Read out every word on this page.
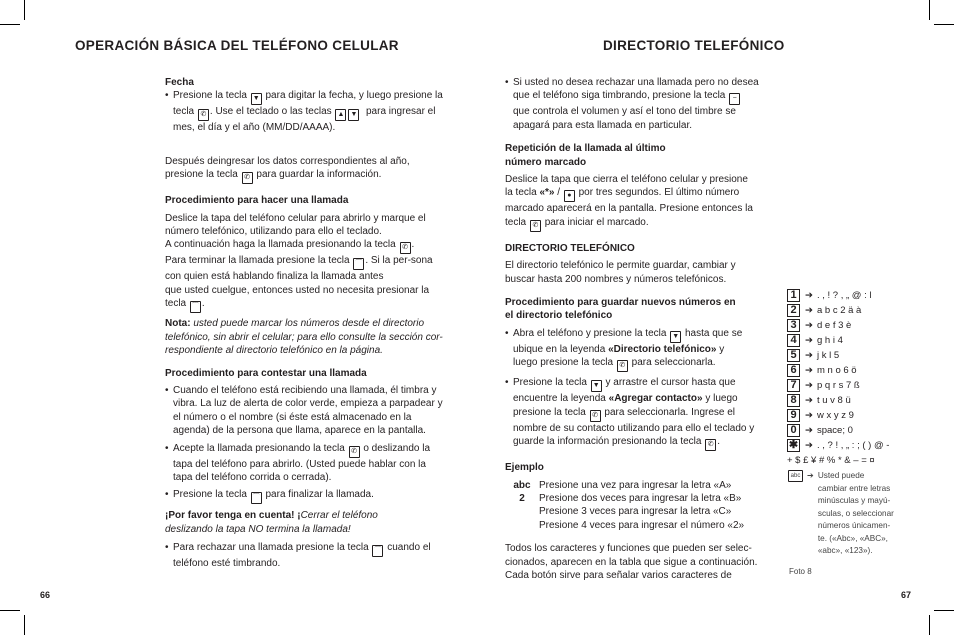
OPERACIÓN BÁSICA DEL TELÉFONO CELULAR	DIRECTORIO TELEFÓNICO

Fecha

• Presione la tecla ▼ para digitar la fecha, y luego presione la
tecla ✆ . Use el teclado o las teclas ▲ ▼ para ingresar el
mes, el día y el año (MM/DD/AAAA).

Después deingresar los datos correspondientes al año,
presione la tecla ✆ para guardar la información.

Procedimiento para hacer una llamada

Deslice la tapa del teléfono celular para abrirlo y marque el
número telefónico, utilizando para ello el teclado.
A continuación haga la llamada presionando la tecla ✆ .
Para terminar la llamada presione la tecla ⌒ . Si la per-sona
con quien está hablando finaliza la llamada antes
que usted cuelgue, entonces usted no necesita presionar la
tecla ⌒ .

Nota: usted puede marcar los números desde el directorio
telefónico, sin abrir el celular; para ello consulte la sección cor-
respondiente al directorio telefónico en la página.

Procedimiento para contestar una llamada

• Cuando el teléfono está recibiendo una llamada, él timbra y
vibra. La luz de alerta de color verde, empieza a parpadear y
el número o el nombre (si éste está almacenado en la
agenda) de la persona que llama, aparece en la pantalla.
• Acepte la llamada presionando la tecla ✆ o deslizando la
tapa del teléfono para abrirlo. (Usted puede hablar con la
tapa del teléfono corrida o cerrada).
• Presione la tecla ⌒ para finalizar la llamada.

¡Por favor tenga en cuenta! ¡Cerrar el teléfono
deslizando la tapa NO termina la llamada!

• Para rechazar una llamada presione la tecla ⌒ cuando el
teléfono esté timbrando.
• Si usted no desea rechazar una llamada pero no desea
que el teléfono siga timbrando, presione la tecla −
que controla el volumen y así el tono del timbre se
apagará para esta llamada en particular.

Repetición de la llamada al último
número marcado

Deslice la tapa que cierra el teléfono celular y presione
la tecla «*» / ● por tres segundos. El último número
marcado aparecerá en la pantalla. Presione entonces la
tecla ✆ para iniciar el marcado.

DIRECTORIO TELEFÓNICO

El directorio telefónico le permite guardar, cambiar y
buscar hasta 200 nombres y números telefónicos.

Procedimiento para guardar nuevos números en
el directorio telefónico

• Abra el teléfono y presione la tecla ▼ hasta que se
ubique en la leyenda «Directorio telefónico» y
luego presione la tecla ✆ para seleccionarla.
• Presione la tecla ▼ y arrastre el cursor hasta que
encuentre la leyenda «Agregar contacto» y luego
presione la tecla ✆ para seleccionarla. Ingrese el
nombre de su contacto utilizando para ello el teclado y
guarde la información presionando la tecla ✆ .

Ejemplo

abc Presione una vez para ingresar la letra «A»
2	Presione dos veces para ingresar la letra «B»
Presione 3 veces para ingresar la letra «C»
Presione 4 veces para ingresar el número «2»

Todos los caracteres y funciones que pueden ser selec-
cionados, aparecen en la tabla que sigue a continuación.
Cada botón sirve para señalar varios caracteres de

1 ➔ . , ! ? , „ @ : l
2 ➔ a b c 2 ä à
3 ➔ d e f 3 è
4 ➔ g h i 4
5 ➔ j k l 5
6 ➔ m n o 6 ö
7 ➔ p q r s 7 ß
8 ➔ t u v 8 ü
9 ➔ w x y z 9
0 ➔ space; 0
✱ ➔ . , ? ! , „ : ; ( ) @ -
+ $ £ ¥ # % * & – = ¤
abc ➔ Usted puede
cambiar entre letras
minúsculas y mayú-
sculas, o seleccionar
números únicamen-
te. («Abc», «ABC»,
«abc», «123»).
Foto 8
66	67
